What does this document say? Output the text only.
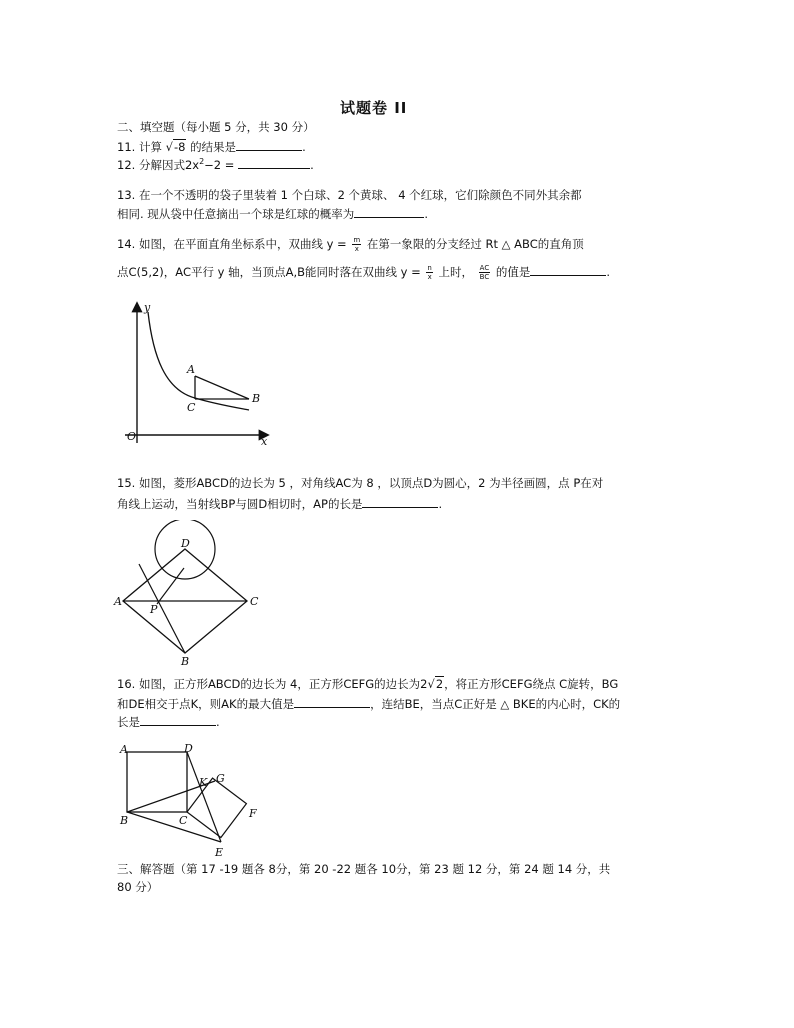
试题卷 II
二、填空题（每小题 5 分，共 30 分）
11. 计算 √-8 的结果是	.
12. 分解因式$2x^2-2$ =	.
13. 在一个不透明的袋子里装着 1 个白球、2 个黄球、 4 个红球，它们除颜色不同外其余都
相同. 现从袋中任意摘出一个球是红球的概率为	.
14. 如图，在平面直角坐标系中，双曲线 $y = \frac{m}{x}$ 在第一象限的分支经过 Rt △ ABC的直角顶
点C(5,2)，AC平行 y 轴，当顶点A,B能同时落在双曲线 $y = \frac{n}{x}$ 上时， $\frac{AC}{BC}$ 的值是	.
y
x
O
A
B
C
15. 如图，菱形ABCD的边长为 5 ，对角线AC为 8 ，以顶点D为圆心，2 为半径画圆，点 P在对
角线上运动，当射线BP与圆D相切时，AP的长是	.
D
A	C
P
B
16. 如图，正方形ABCD的边长为 4，正方形CEFG的边长为2√2，将正方形CEFG绕点 C旋转，BG
和DE相交于点K，则AK的最大值是	，连结BE，当点C正好是 △ BKE的内心时，CK的
长是	.
A	D
B	C
K G
F
E
三、解答题（第 17 -19 题各 8分，第 20 -22 题各 10分，第 23 题 12 分，第 24 题 14 分，共
80 分）
